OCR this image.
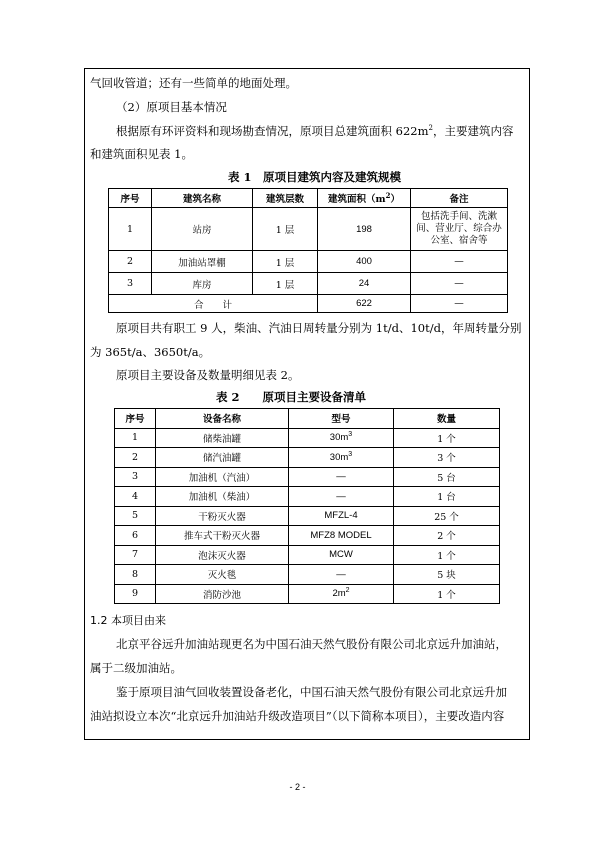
气回收管道；还有一些简单的地面处理。
（2）原项目基本情况
根据原有环评资料和现场勘查情况，原项目总建筑面积 $622m^2$，主要建筑内容
和建筑面积见表 1。
表 1　原项目建筑内容及建筑规模
序号	建筑名称	建筑层数	建筑面积$(m^2)$	备注
1	站房	1 层	198	包括洗手间、洗漱间、营业厅、综合办公室、宿舍等
2	加油站罩棚	1 层	400	—
3	库房	1 层	24	—
合　　计			622	—
原项目共有职工 9 人，柴油、汽油日周转量分别为 1t/d、10t/d，年周转量分别
为 365t/a、3650t/a。
原项目主要设备及数量明细见表 2。
表 2　　原项目主要设备清单
序号	设备名称	型号	数量
1	储柴油罐	$30m^3$	1 个
2	储汽油罐	$30m^3$	3 个
3	加油机（汽油）	—	5 台
4	加油机（柴油）	—	1 台
5	干粉灭火器	MFZL-4	25 个
6	推车式干粉灭火器	MFZ8 MODEL	2 个
7	泡沫灭火器	MCW	1 个
8	灭火毯	—	5 块
9	消防沙池	$2m^2$	1 个
1.2 本项目由来
北京平谷远升加油站现更名为中国石油天然气股份有限公司北京远升加油站，
属于二级加油站。
鉴于原项目油气回收装置设备老化，中国石油天然气股份有限公司北京远升加
油站拟设立本次“北京远升加油站升级改造项目”（以下简称本项目），主要改造内容
- 2 -
